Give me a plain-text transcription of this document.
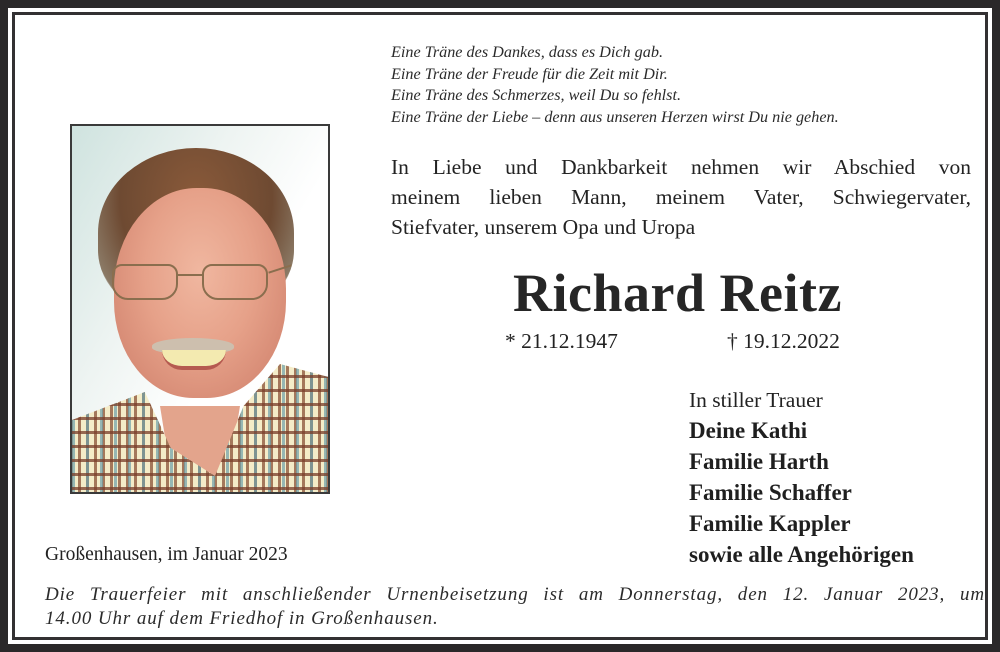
Eine Träne des Dankes, dass es Dich gab.
Eine Träne der Freude für die Zeit mit Dir.
Eine Träne des Schmerzes, weil Du so fehlst.
Eine Träne der Liebe – denn aus unseren Herzen wirst Du nie gehen.
In Liebe und Dankbarkeit nehmen wir Abschied von
meinem lieben Mann, meinem Vater, Schwiegervater,
Stiefvater, unserem Opa und Uropa
Richard Reitz
* 21.12.1947	† 19.12.2022
In stiller Trauer
Deine Kathi
Familie Harth
Familie Schaffer
Familie Kappler
sowie alle Angehörigen
Großenhausen, im Januar 2023
Die Trauerfeier mit anschließender Urnenbeisetzung ist am Donnerstag, den 12. Januar 2023, um
14.00 Uhr auf dem Friedhof in Großenhausen.
